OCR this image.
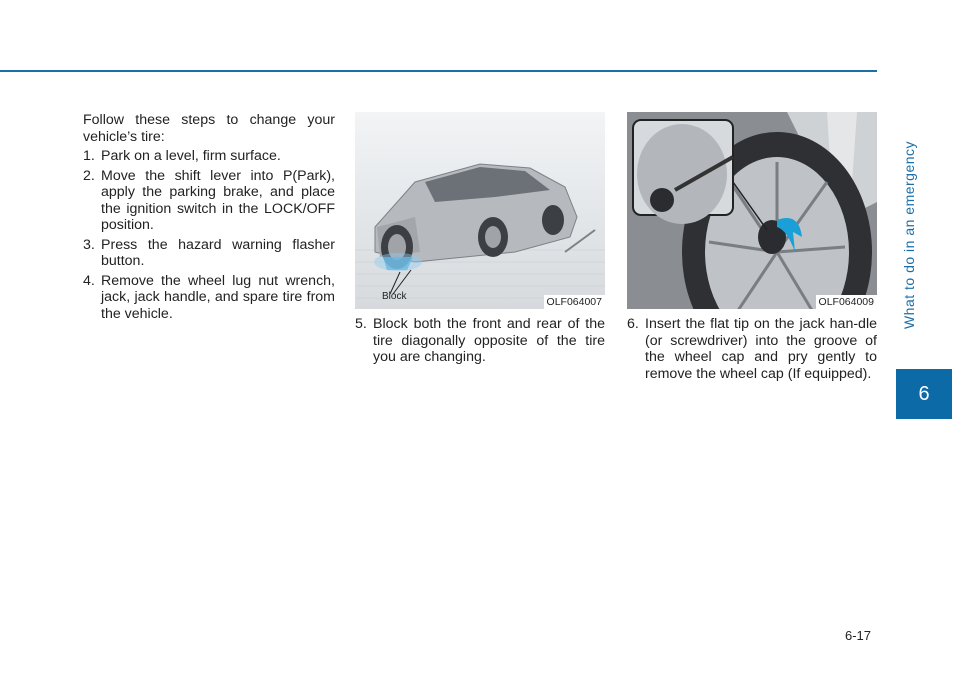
What to do in an emergency
6

Follow these steps to change your vehicle’s tire:

1. Park on a level, firm surface.
2. Move the shift lever into P(Park), apply the parking brake, and place the ignition switch in the LOCK/OFF position.
3. Press the hazard warning flasher button.
4. Remove the wheel lug nut wrench, jack, jack handle, and spare tire from the vehicle.
Block	OLF064007	OLF064009
5. Block both the front and rear of the tire diagonally opposite of the tire you are changing.
6. Insert the flat tip on the jack han-dle (or screwdriver) into the groove of the wheel cap and pry gently to remove the wheel cap (If equipped).
6-17
